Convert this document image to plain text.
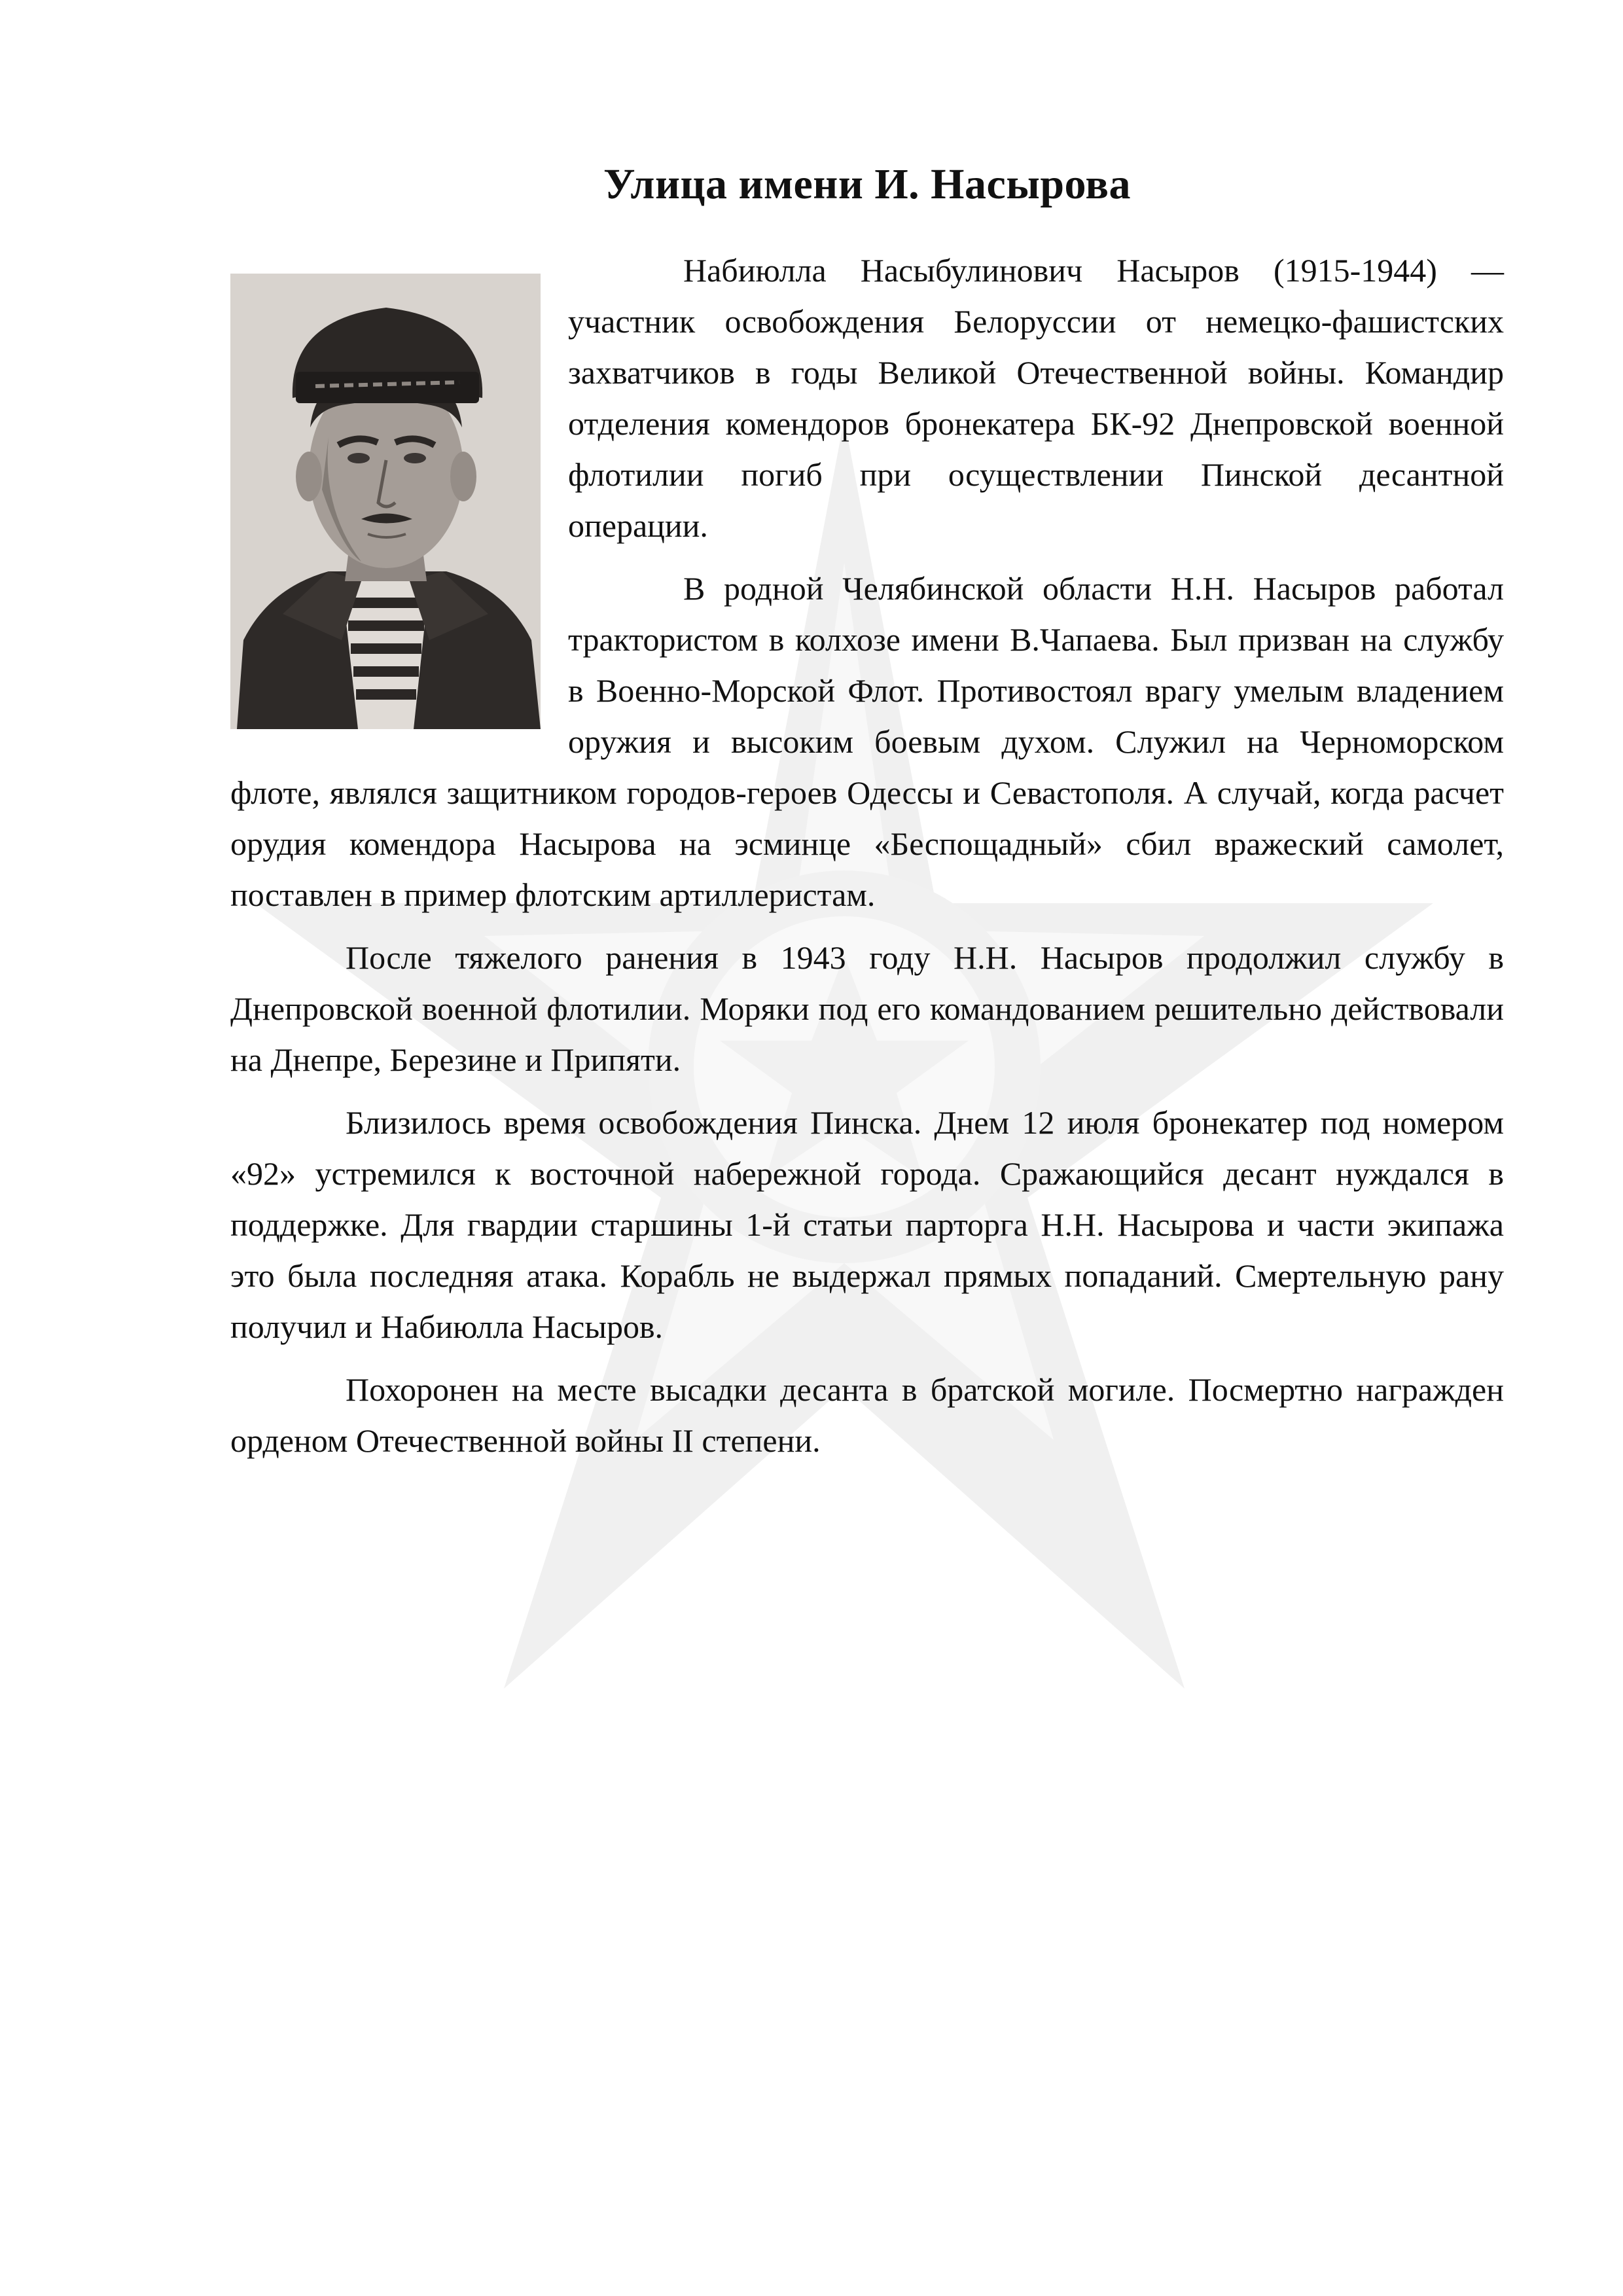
Улица имени И. Насырова

Набиюлла Насыбулинович Насыров (1915-1944) — участник освобождения Белоруссии от немецко-фашистских захватчиков в годы Великой Отечественной войны. Командир отделения комендоров бронекатера БК-92 Днепровской военной флотилии погиб при осуществлении Пинской десантной операции.

В родной Челябинской области Н.Н. Насыров работал трактористом в колхозе имени В.Чапаева. Был призван на службу в Военно-Морской Флот. Противостоял врагу умелым владением оружия и высоким боевым духом. Служил на Черноморском флоте, являлся защитником городов-героев Одессы и Севастополя. А случай, когда расчет орудия комендора Насырова на эсминце «Беспощадный» сбил вражеский самолет, поставлен в пример флотским артиллеристам.

После тяжелого ранения в 1943 году Н.Н. Насыров продолжил службу в Днепровской военной флотилии. Моряки под его командованием решительно действовали на Днепре, Березине и Припяти.

Близилось время освобождения Пинска. Днем 12 июля бронекатер под номером «92» устремился к восточной набережной города. Сражающийся десант нуждался в поддержке. Для гвардии старшины 1-й статьи парторга Н.Н. Насырова и части экипажа это была последняя атака. Корабль не выдержал прямых попаданий. Смертельную рану получил и Набиюлла Насыров.

Похоронен на месте высадки десанта в братской могиле. Посмертно награжден орденом Отечественной войны II степени.
